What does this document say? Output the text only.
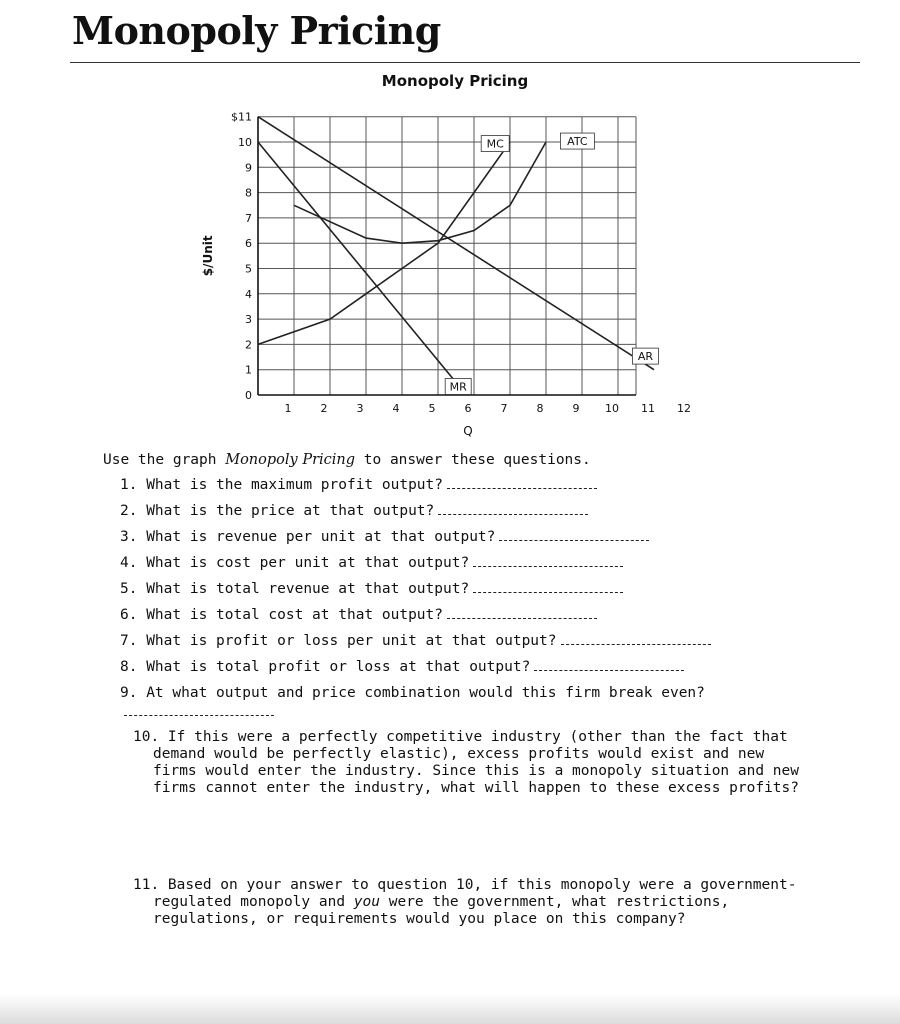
Monopoly Pricing
Monopoly Pricing
0
1
2
3
4
5
6
7
8
9
10
$11
1	2	3	4	5	6	7	8	9 10 11 12
AR
MR
MC	ATC
$/Unit
Q
Use the graph Monopoly Pricing to answer these questions.
1. What is the maximum profit output?
2. What is the price at that output?
3. What is revenue per unit at that output?
4. What is cost per unit at that output?
5. What is total revenue at that output?
6. What is total cost at that output?
7. What is profit or loss per unit at that output?
8. What is total profit or loss at that output?
9. At what output and price combination would this firm break even?
10. If this were a perfectly competitive industry (other than the fact that demand would be perfectly elastic), excess profits would exist and new firms would enter the industry. Since this is a monopoly situation and new firms cannot enter the industry, what will happen to these excess profits?
11. Based on your answer to question 10, if this monopoly were a government-regulated monopoly and you were the government, what restrictions, regulations, or requirements would you place on this company?
